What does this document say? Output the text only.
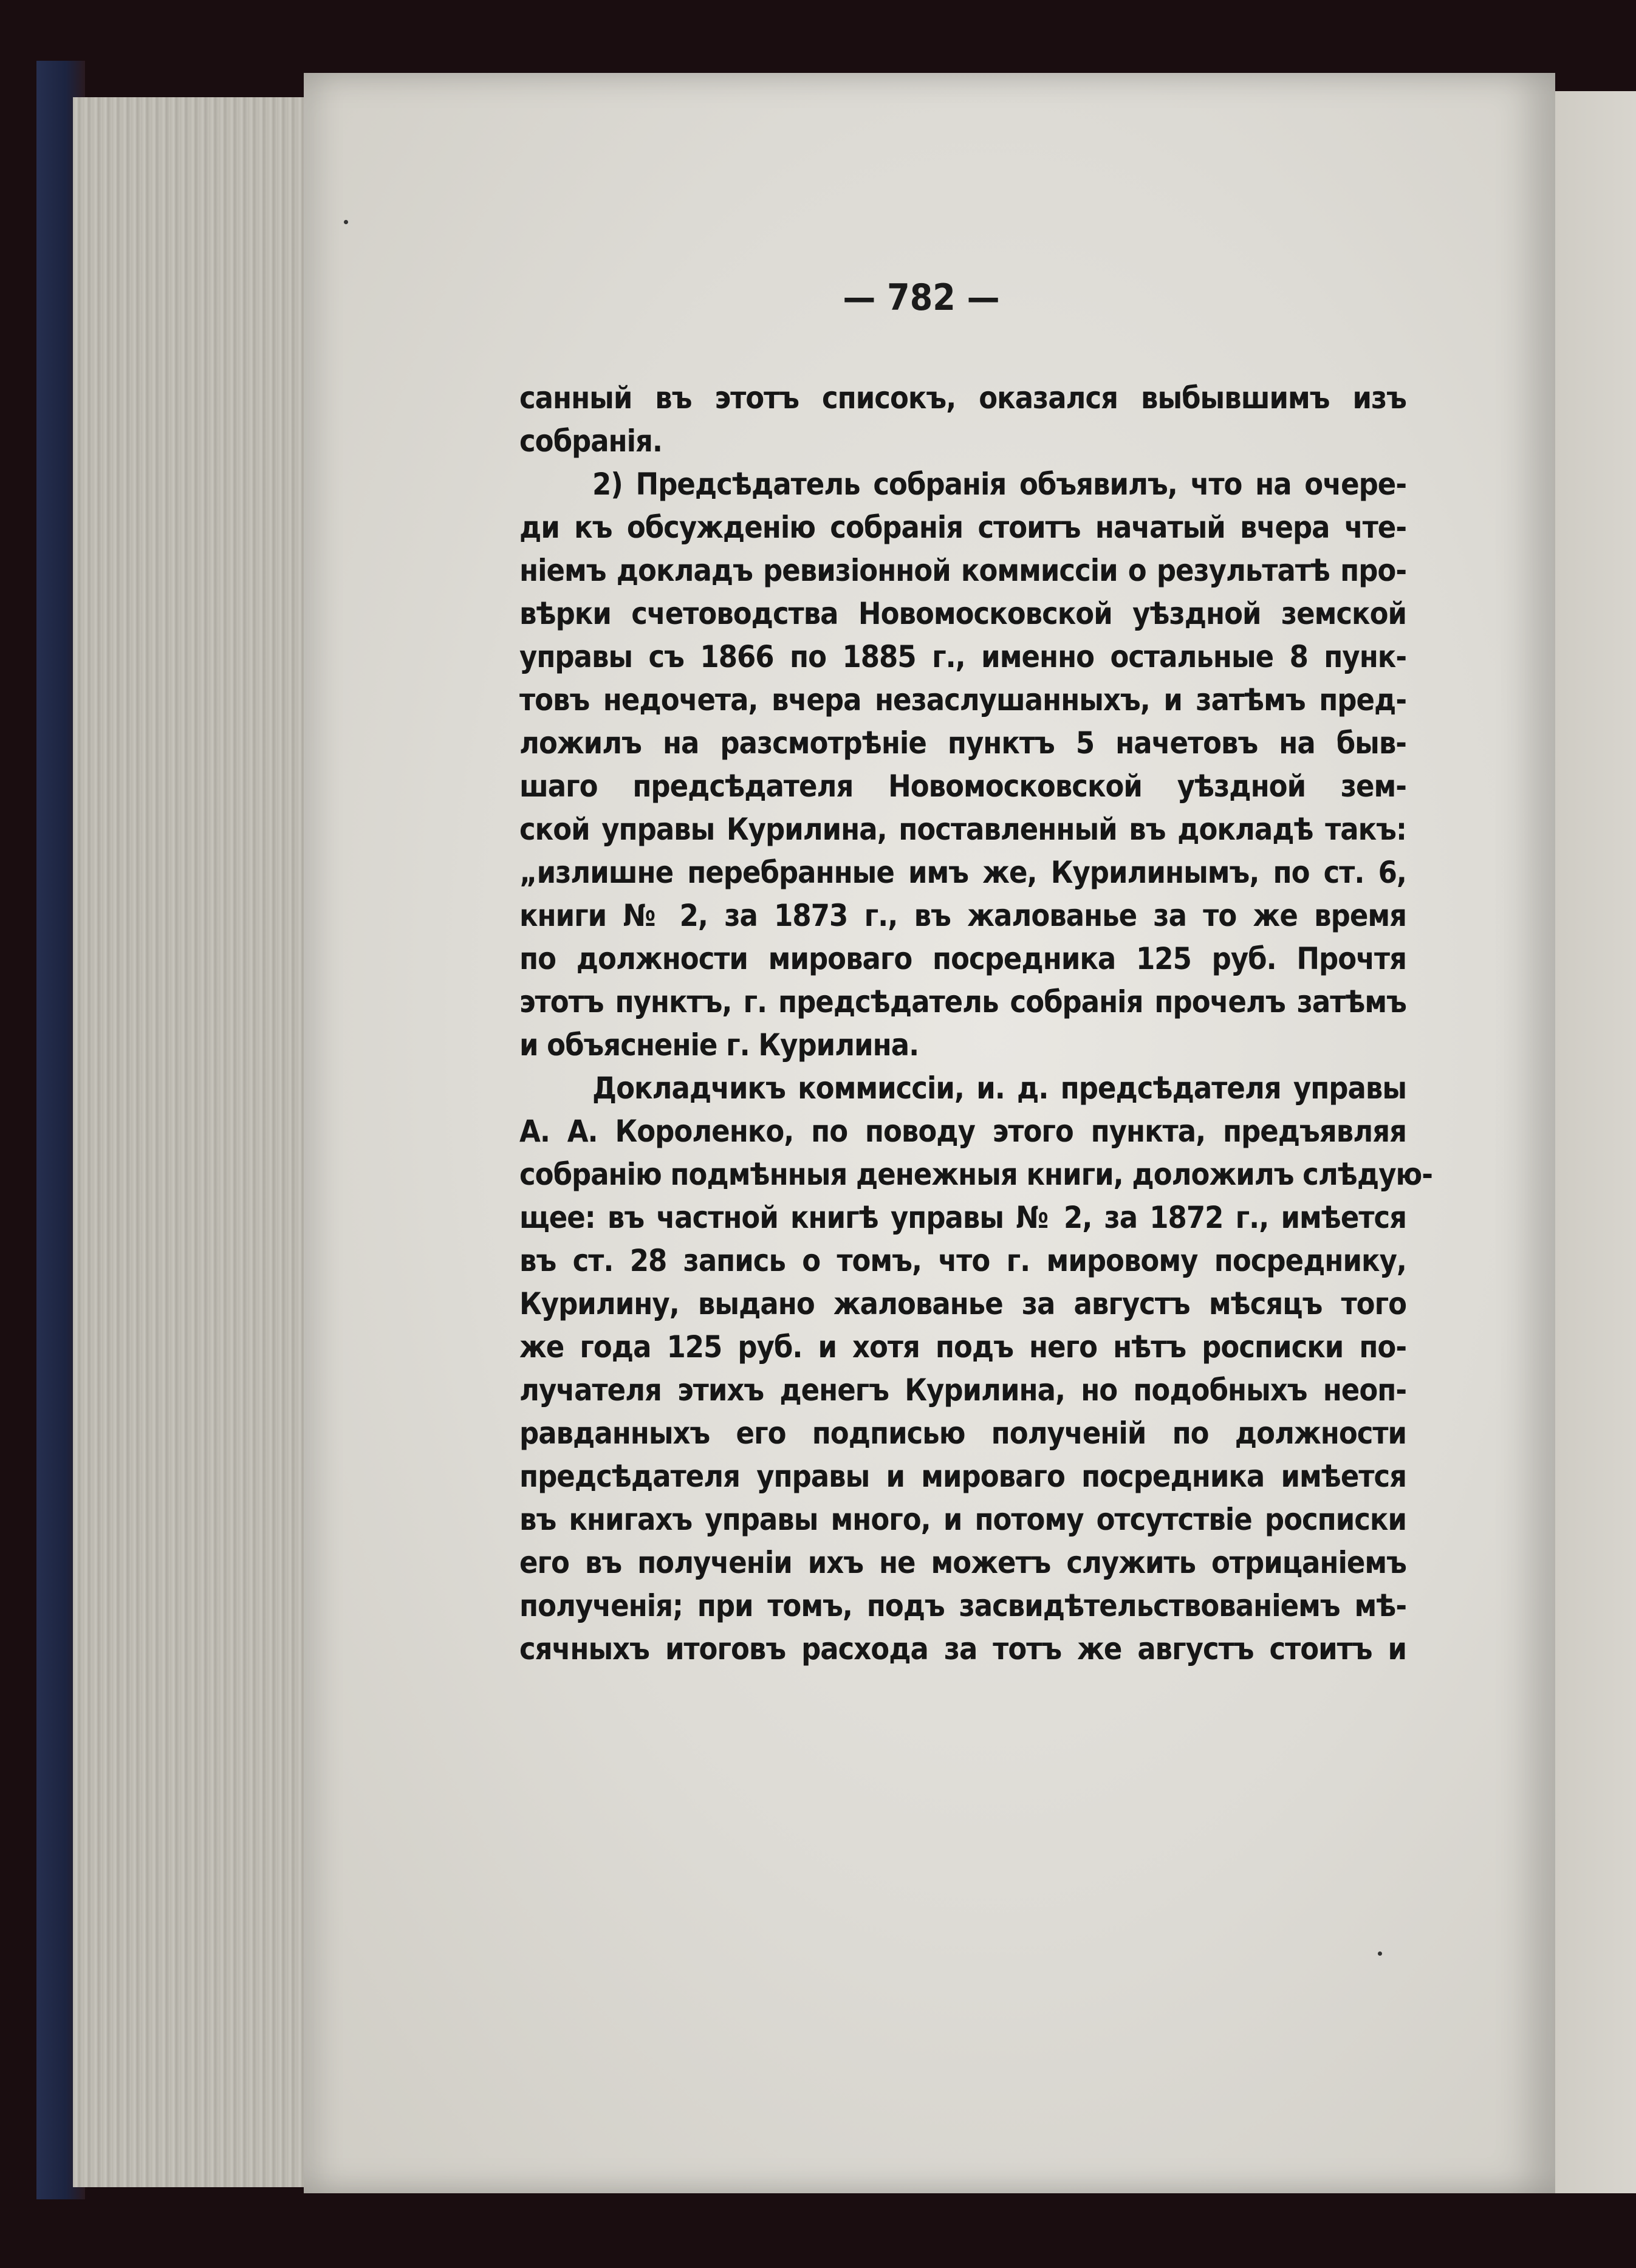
— 782 —
санный въ этотъ списокъ, оказался выбывшимъ изъ
собранія.
2) Предсѣдатель собранія объявилъ, что на очере-
ди къ обсужденію собранія стоитъ начатый вчера чте-
ніемъ докладъ ревизіонной коммиссіи о результатѣ про-
вѣрки счетоводства Новомосковской уѣздной земской
управы съ 1866 по 1885 г., именно остальные 8 пунк-
товъ недочета, вчера незаслушанныхъ, и затѣмъ пред-
ложилъ на разсмотрѣніе пунктъ 5 начетовъ на быв-
шаго предсѣдателя Новомосковской уѣздной зем-
ской управы Курилина, поставленный въ докладѣ такъ:
„излишне перебранные имъ же, Курилинымъ, по ст. 6,
книги № 2, за 1873 г., въ жалованье за то же время
по должности мироваго посредника 125 руб. Прочтя
этотъ пунктъ, г. предсѣдатель собранія прочелъ затѣмъ
и объясненіе г. Курилина.
Докладчикъ коммиссіи, и. д. предсѣдателя управы
А. А. Короленко, по поводу этого пункта, предъявляя
собранію подмѣнныя денежныя книги, доложилъ слѣдую-
щее: въ частной книгѣ управы № 2, за 1872 г., имѣется
въ ст. 28 запись о томъ, что г. мировому посреднику,
Курилину, выдано жалованье за августъ мѣсяцъ того
же года 125 руб. и хотя подъ него нѣтъ росписки по-
лучателя этихъ денегъ Курилина, но подобныхъ неоп-
равданныхъ его подписью полученій по должности
предсѣдателя управы и мироваго посредника имѣется
въ книгахъ управы много, и потому отсутствіе росписки
его въ полученіи ихъ не можетъ служить отрицаніемъ
полученія; при томъ, подъ засвидѣтельствованіемъ мѣ-
сячныхъ итоговъ расхода за тотъ же августъ стоитъ и
